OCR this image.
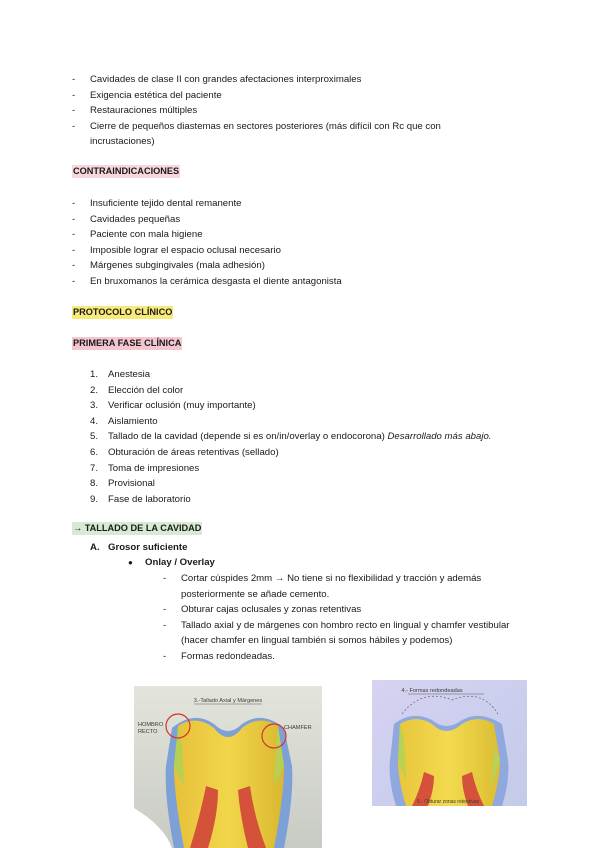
- Cavidades de clase II con grandes afectaciones interproximales
- Exigencia estética del paciente
- Restauraciones múltiples
- Cierre de pequeños diastemas en sectores posteriores (más difícil con Rc que con
incrustaciones)
CONTRAINDICACIONES
- Insuficiente tejido dental remanente
- Cavidades pequeñas
- Paciente con mala higiene
- Imposible lograr el espacio oclusal necesario
- Márgenes subgingivales (mala adhesión)
- En bruxomanos la cerámica desgasta el diente antagonista
PROTOCOLO CLÍNICO
PRIMERA FASE CLÍNICA
1. Anestesia
2. Elección del color
3. Verificar oclusión (muy importante)
4. Aislamiento
5. Tallado de la cavidad (depende si es on/in/overlay o endocorona) Desarrollado más abajo.
6. Obturación de áreas retentivas (sellado)
7. Toma de impresiones
8. Provisional
9. Fase de laboratorio
→ TALLADO DE LA CAVIDAD
A. Grosor suficiente
● Onlay / Overlay
- Cortar cúspides 2mm → No tiene si no flexibilidad y tracción y además
posteriormente se añade cemento.
- Obturar cajas oclusales y zonas retentivas
- Tallado axial y de márgenes con hombro recto en lingual y chamfer vestibular
(hacer chamfer en lingual también si somos hábiles y podemos)
- Formas redondeadas.
3.-Tallado Axial y Márgenes
HOMBRO
RECTO
CHAMFER
4.- Formas redondeadas
5.- Obturar zonas retentivas
